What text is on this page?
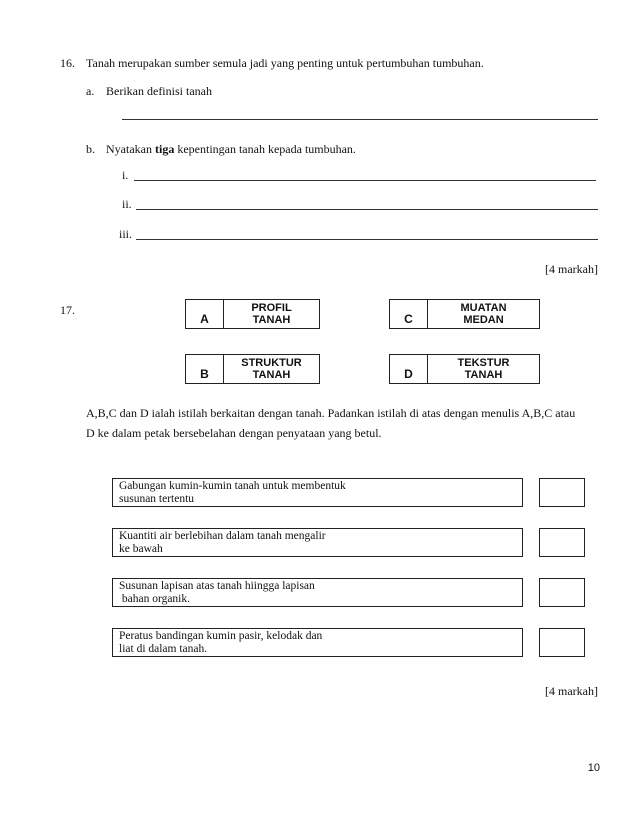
16. Tanah merupakan sumber semula jadi yang penting untuk pertumbuhan tumbuhan.
a. Berikan definisi tanah
b. Nyatakan tiga kepentingan tanah kepada tumbuhan.
i.
ii.
iii.
[4 markah]
17.
A
PROFIL
TANAH
B
STRUKTUR
TANAH
C
MUATAN
MEDAN
D
TEKSTUR
TANAH
A,B,C dan D ialah istilah berkaitan dengan tanah. Padankan istilah di atas dengan menulis A,B,C atau
D ke dalam petak bersebelahan dengan penyataan yang betul.
Gabungan kumin-kumin tanah untuk membentuk
susunan tertentu
Kuantiti air berlebihan dalam tanah mengalir
ke bawah
Susunan lapisan atas tanah hiingga lapisan
bahan organik.
Peratus bandingan kumin pasir, kelodak dan
liat di dalam tanah.
[4 markah]
10
